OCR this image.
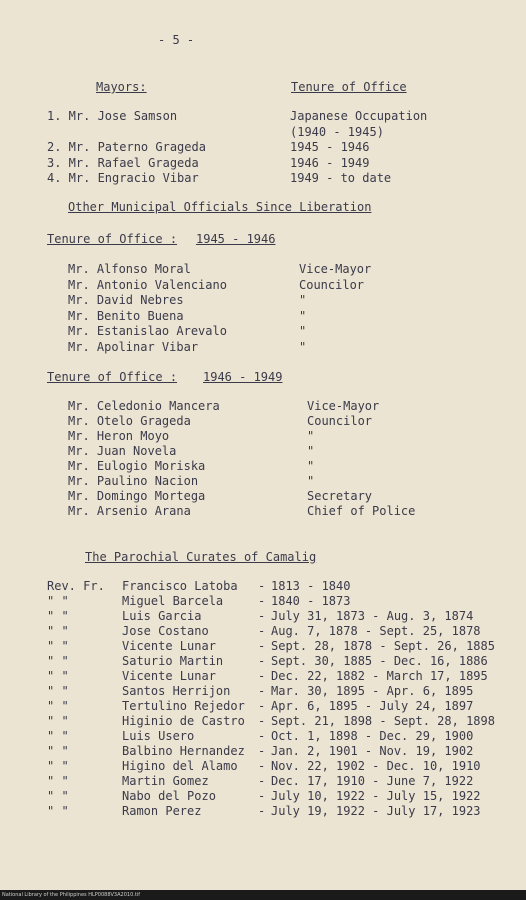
- 5 -
Mayors:	Tenure of Office
1. Mr. Jose Samson	Japanese Occupation
(1940 - 1945)
2. Mr. Paterno Grageda	1945 - 1946
3. Mr. Rafael Grageda	1946 - 1949
4. Mr. Engracio Vibar	1949 - to date
Other Municipal Officials Since Liberation
Tenure of Office : 1945 - 1946
Mr. Alfonso Moral	Vice-Mayor
Mr. Antonio Valenciano	Councilor
Mr. David Nebres	"
Mr. Benito Buena	"
Mr. Estanislao Arevalo	"
Mr. Apolinar Vibar	"
Tenure of Office : 1946 - 1949
Mr. Celedonio Mancera	Vice-Mayor
Mr. Otelo Grageda	Councilor
Mr. Heron Moyo	"
Mr. Juan Novela	"
Mr. Eulogio Moriska	"
Mr. Paulino Nacion	"
Mr. Domingo Mortega	Secretary
Mr. Arsenio Arana	Chief of Police
The Parochial Curates of Camalig
Rev. Fr. Francisco Latoba - 1813 - 1840
" "	Miguel Barcela	- 1840 - 1873
" "	Luis Garcia	- July 31, 1873 - Aug. 3, 1874
" "	Jose Costano	- Aug. 7, 1878 - Sept. 25, 1878
" "	Vicente Lunar	- Sept. 28, 1878 - Sept. 26, 1885
" "	Saturio Martin	- Sept. 30, 1885 - Dec. 16, 1886
" "	Vicente Lunar	- Dec. 22, 1882 - March 17, 1895
" "	Santos Herrijon - Mar. 30, 1895 - Apr. 6, 1895
" "	Tertulino Rejedor - Apr. 6, 1895 - July 24, 1897
" "	Higinio de Castro - Sept. 21, 1898 - Sept. 28, 1898
" "	Luis Usero	- Oct. 1, 1898 - Dec. 29, 1900
" "	Balbino Hernandez - Jan. 2, 1901 - Nov. 19, 1902
" "	Higino del Alamo - Nov. 22, 1902 - Dec. 10, 1910
" "	Martin Gomez	- Dec. 17, 1910 - June 7, 1922
" "	Nabo del Pozo	- July 10, 1922 - July 15, 1922
" "	Ramon Perez	- July 19, 1922 - July 17, 1923
National Library of the Philippines HLP0088V3A2010.tif
